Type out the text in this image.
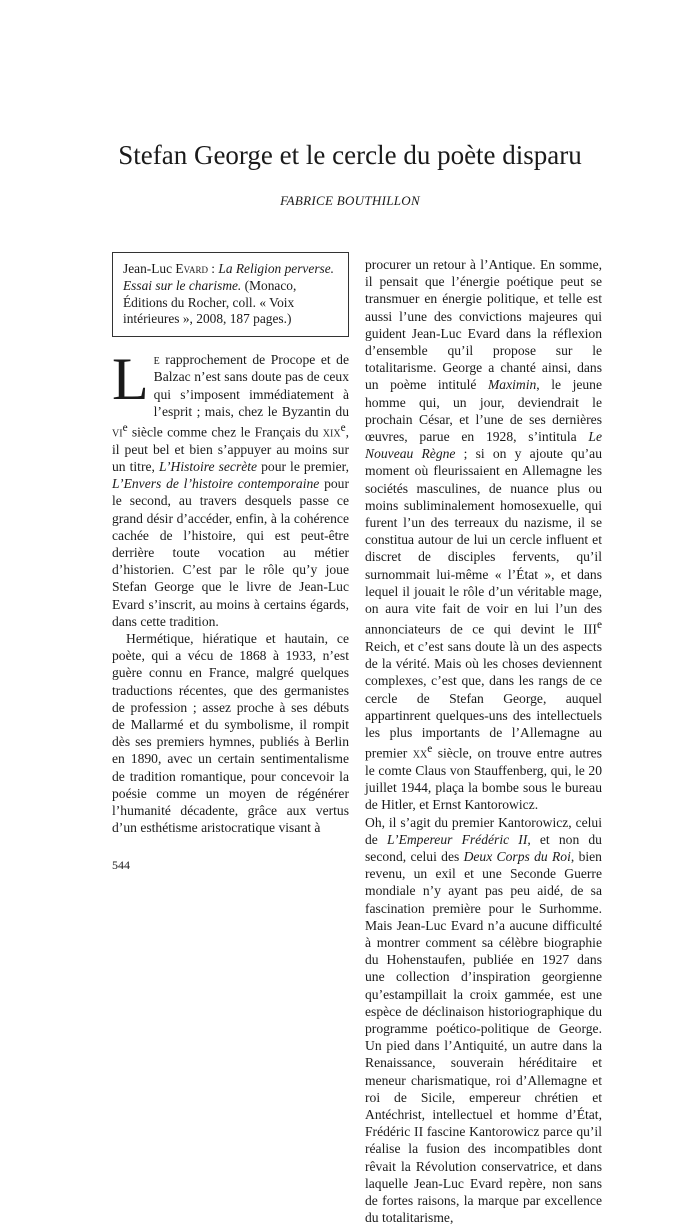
Stefan George et le cercle du poète disparu
FABRICE BOUTHILLON

Jean-Luc Evard : La Religion perverse. Essai sur le charisme. (Monaco, Éditions du Rocher, coll. « Voix intérieures », 2008, 187 pages.)

Le rapprochement de Procope et de Balzac n’est sans doute pas de ceux qui s’imposent immédiatement à l’esprit ; mais, chez le Byzantin du $vi^e$ siècle comme chez le Français du xix$^e$, il peut bel et bien s’appuyer au moins sur un titre, L’Histoire secrète pour le premier, L’Envers de l’histoire contemporaine pour le second, au travers desquels passe ce grand désir d’accéder, enfin, à la cohérence cachée de l’histoire, qui est peut-être derrière toute vocation au métier d’historien. C’est par le rôle qu’y joue Stefan George que le livre de Jean-Luc Evard s’inscrit, au moins à certains égards, dans cette tradition.

Hermétique, hiératique et hautain, ce poète, qui a vécu de 1868 à 1933, n’est guère connu en France, malgré quelques traductions récentes, que des germanistes de profession ; assez proche à ses débuts de Mallarmé et du symbolisme, il rompit dès ses premiers hymnes, publiés à Berlin en 1890, avec un certain sentimentalisme de tradition romantique, pour concevoir la poésie comme un moyen de régénérer l’humanité décadente, grâce aux vertus d’un esthétisme aristocratique visant à

procurer un retour à l’Antique. En somme, il pensait que l’énergie poétique peut se transmuer en énergie politique, et telle est aussi l’une des convictions majeures qui guident Jean-Luc Evard dans la réflexion d’ensemble qu’il propose sur le totalitarisme. George a chanté ainsi, dans un poème intitulé Maximin, le jeune homme qui, un jour, deviendrait le prochain César, et l’une de ses dernières œuvres, parue en 1928, s’intitula Le Nouveau Règne ; si on y ajoute qu’au moment où fleurissaient en Allemagne les sociétés masculines, de nuance plus ou moins subliminalement homosexuelle, qui furent l’un des terreaux du nazisme, il se constitua autour de lui un cercle influent et discret de disciples fervents, qu’il surnommait lui-même « l’État », et dans lequel il jouait le rôle d’un véritable mage, on aura vite fait de voir en lui l’un des annonciateurs de ce qui devint le IIIe Reich, et c’est sans doute là un des aspects de la vérité. Mais où les choses deviennent complexes, c’est que, dans les rangs de ce cercle de Stefan George, auquel appartinrent quelques-uns des intellectuels les plus importants de l’Allemagne au premier $xx^e$ siècle, on trouve entre autres le comte Claus von Stauffenberg, qui, le 20 juillet 1944, plaça la bombe sous le bureau de Hitler, et Ernst Kantorowicz.

Oh, il s’agit du premier Kantorowicz, celui de L’Empereur Frédéric II, et non du second, celui des Deux Corps du Roi, bien revenu, un exil et une Seconde Guerre mondiale n’y ayant pas peu aidé, de sa fascination première pour le Surhomme. Mais Jean-Luc Evard n’a aucune difficulté à montrer comment sa célèbre biographie du Hohenstaufen, publiée en 1927 dans une collection d’inspiration georgienne qu’estampillait la croix gammée, est une espèce de déclinaison historiographique du programme poético-politique de George. Un pied dans l’Antiquité, un autre dans la Renaissance, souverain héréditaire et meneur charismatique, roi d’Allemagne et roi de Sicile, empereur chrétien et Antéchrist, intellectuel et homme d’État, Frédéric II fascine Kantorowicz parce qu’il réalise la fusion des incompatibles dont rêvait la Révolution conservatrice, et dans laquelle Jean-Luc Evard repère, non sans de fortes raisons, la marque par excellence du totalitarisme,

544
